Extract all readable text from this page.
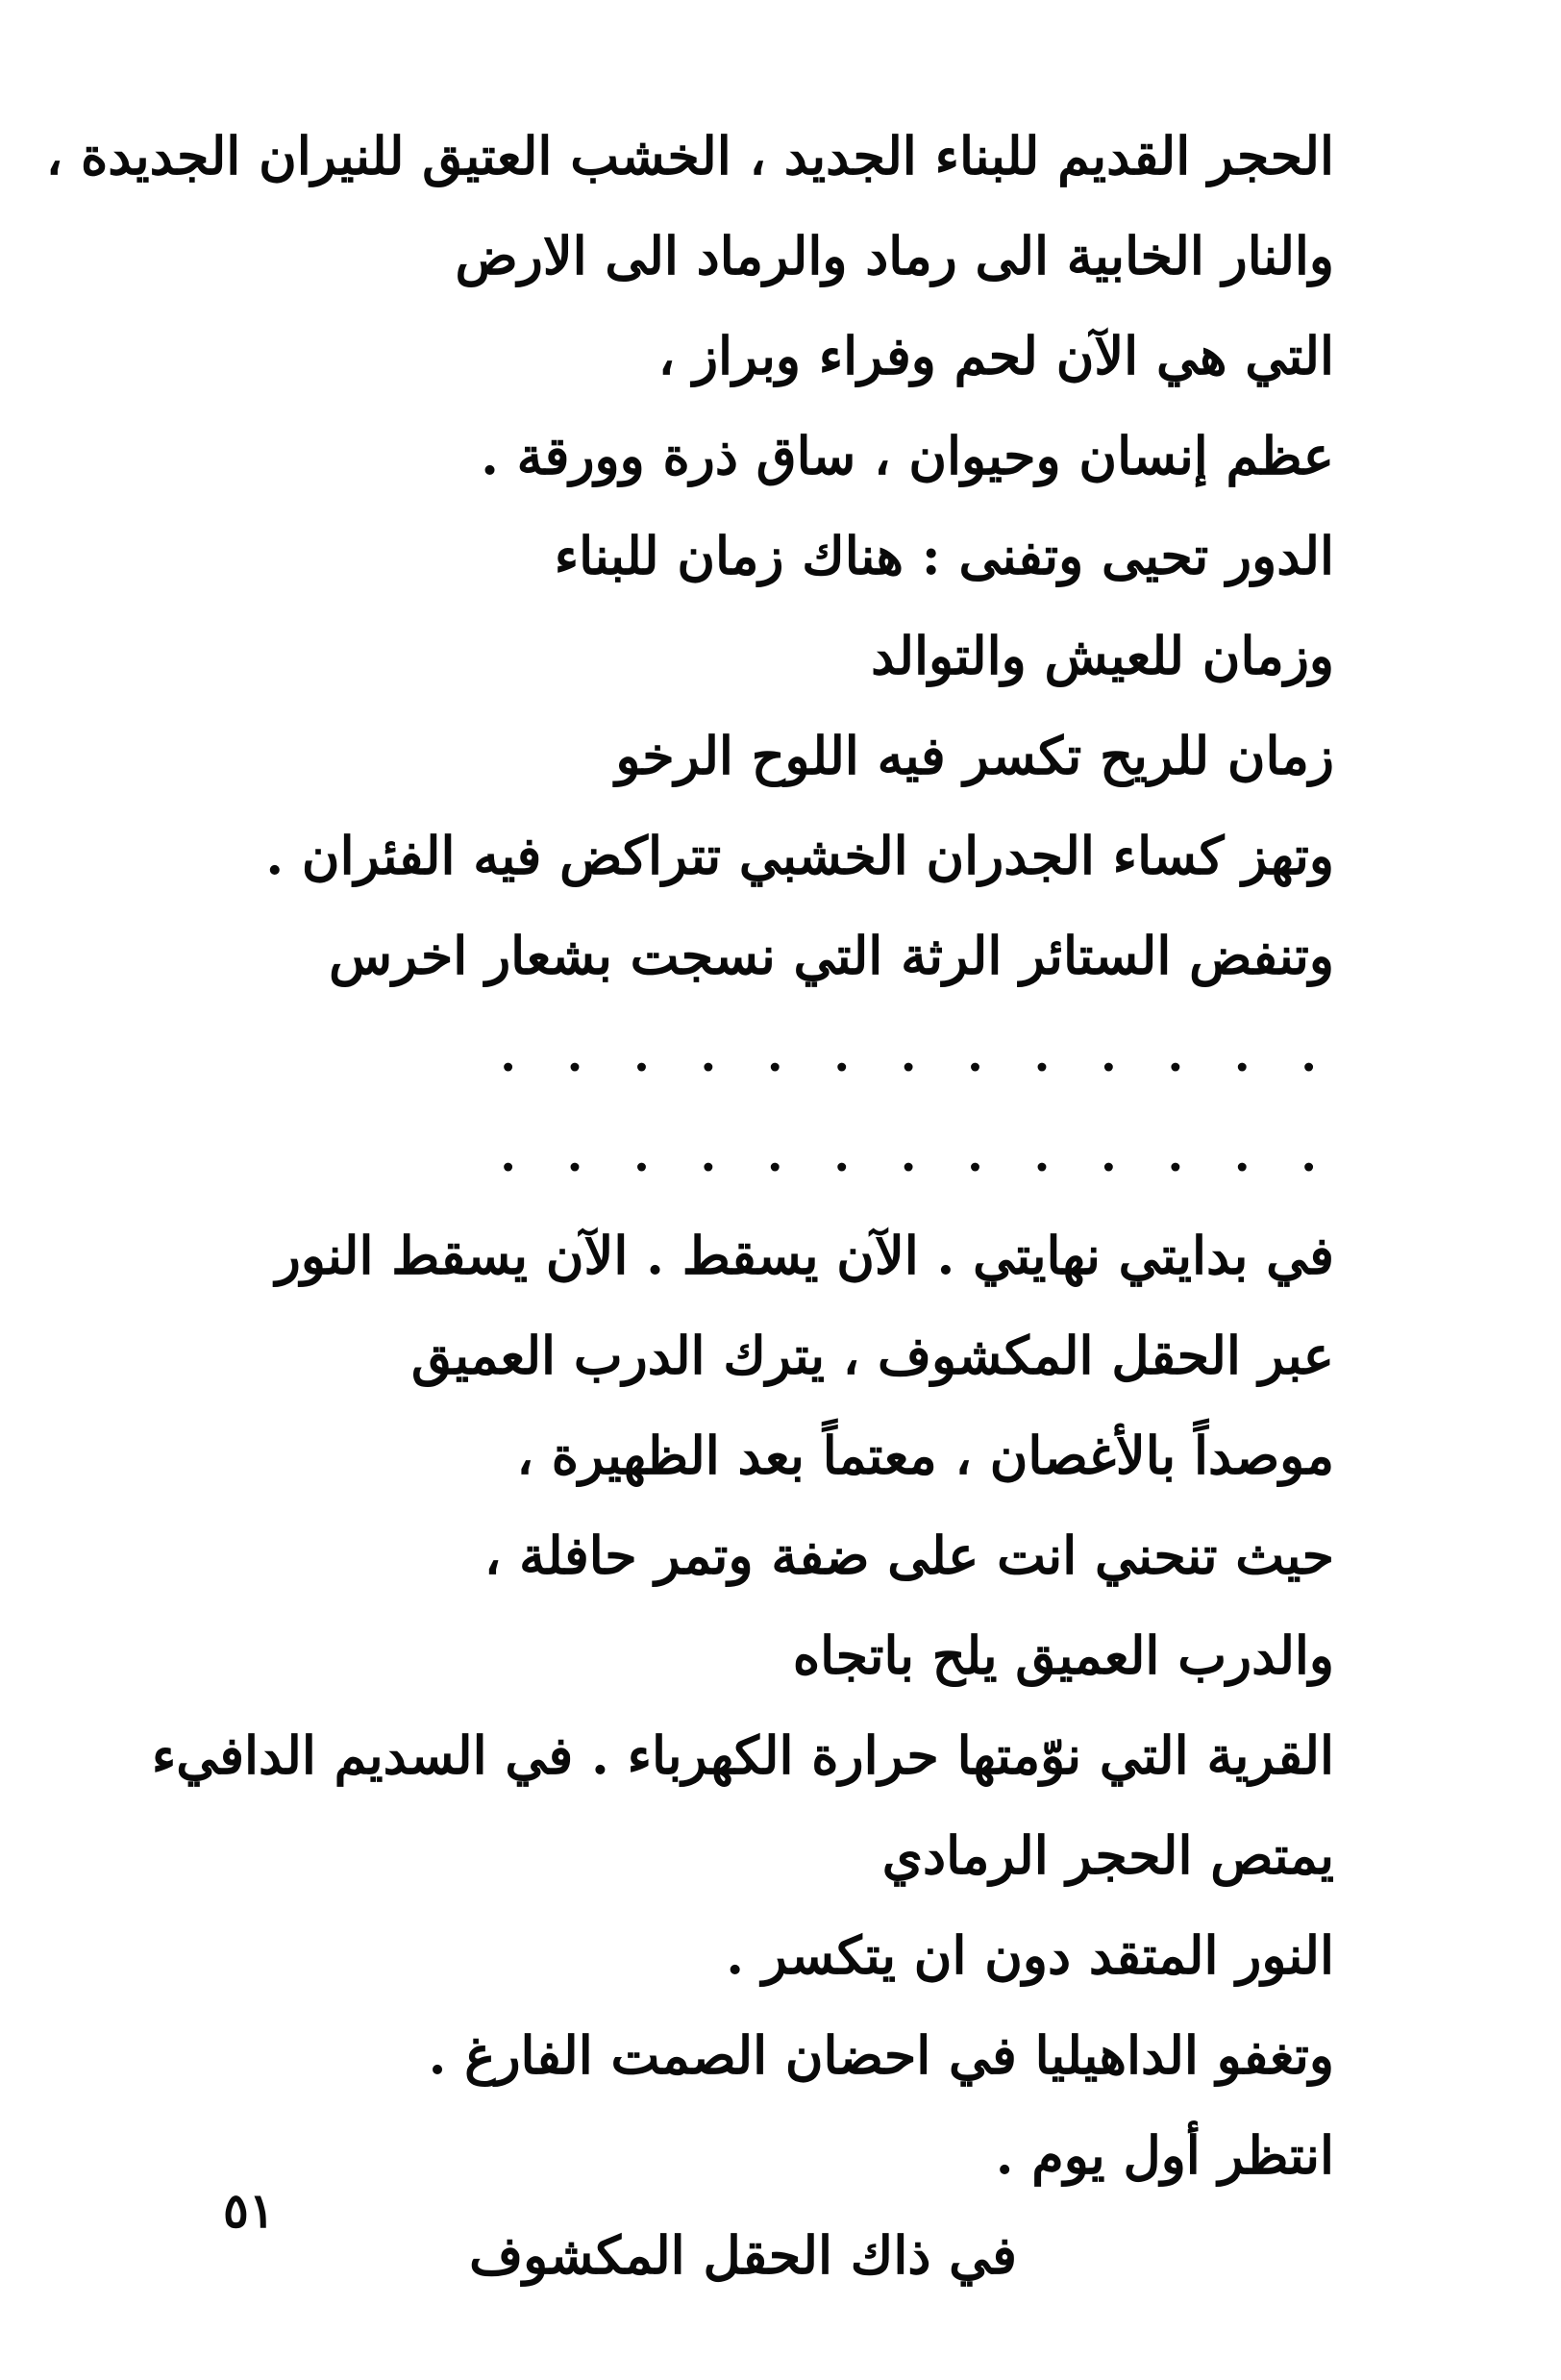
الحجر القديم للبناء الجديد ، الخشب العتيق للنيران الجديدة ،
والنار الخابية الى رماد والرماد الى الارض
التي هي الآن لحم وفراء وبراز ،
عظم إنسان وحيوان ، ساق ذرة وورقة .
الدور تحيى وتفنى : هناك زمان للبناء
وزمان للعيش والتوالد
زمان للريح تكسر فيه اللوح الرخو
وتهز كساء الجدران الخشبي تتراكض فيه الفئران .
وتنفض الستائر الرثة التي نسجت بشعار اخرس
. . . . . . . . . . . . .
. . . . . . . . . . . . .
في بدايتي نهايتي . الآن يسقط . الآن يسقط النور
عبر الحقل المكشوف ، يترك الدرب العميق
موصداً بالأغصان ، معتماً بعد الظهيرة ،
حيث تنحني انت على ضفة وتمر حافلة ،
والدرب العميق يلح باتجاه
القرية التي نوّمتها حرارة الكهرباء . في السديم الدافيء
يمتص الحجر الرمادي
النور المتقد دون ان يتكسر .
وتغفو الداهيليا في احضان الصمت الفارغ .
انتظر أول يوم .
في ذاك الحقل المكشوف
٥١
